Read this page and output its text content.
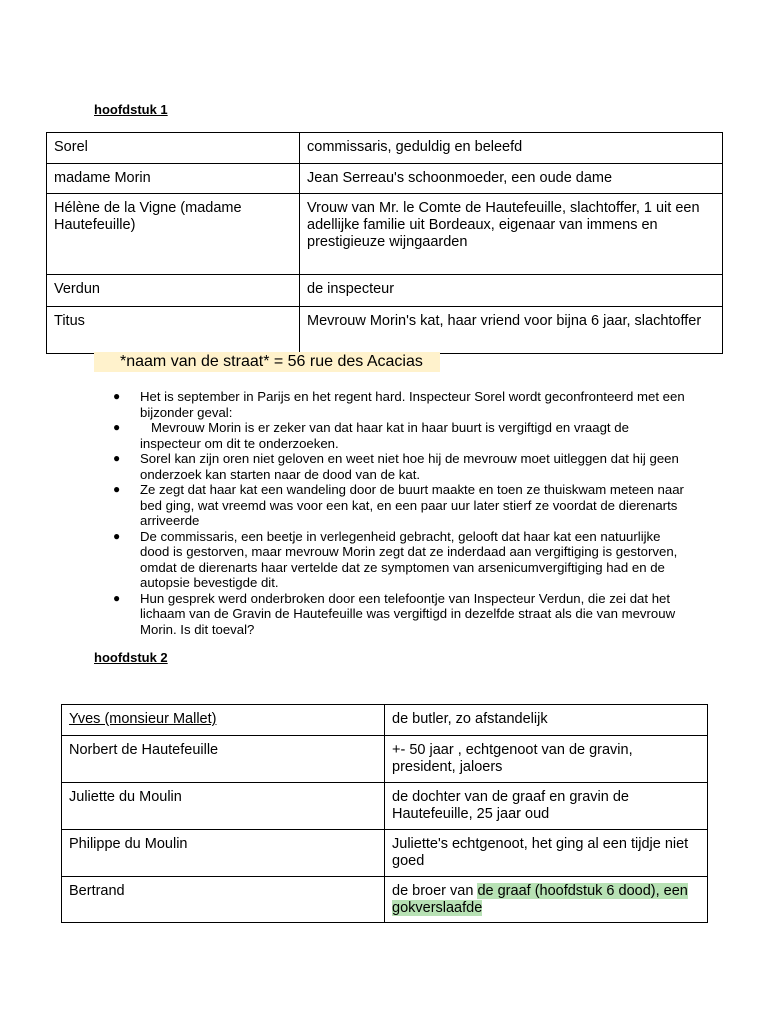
hoofdstuk 1
Sorel	commissaris, geduldig en beleefd
madame Morin	Jean Serreau's schoonmoeder, een oude dame
Hélène de la Vigne (madame Hautefeuille)	Vrouw van Mr. le Comte de Hautefeuille, slachtoffer, 1 uit een adellijke familie uit Bordeaux, eigenaar van immens en prestigieuze wijngaarden
Verdun	de inspecteur
Titus	Mevrouw Morin's kat, haar vriend voor bijna 6 jaar, slachtoffer
*naam van de straat* = 56 rue des Acacias
● Het is september in Parijs en het regent hard. Inspecteur Sorel wordt geconfronteerd met een bijzonder geval:
● Mevrouw Morin is er zeker van dat haar kat in haar buurt is vergiftigd en vraagt de inspecteur om dit te onderzoeken.
● Sorel kan zijn oren niet geloven en weet niet hoe hij de mevrouw moet uitleggen dat hij geen onderzoek kan starten naar de dood van de kat.
● Ze zegt dat haar kat een wandeling door de buurt maakte en toen ze thuiskwam meteen naar bed ging, wat vreemd was voor een kat, en een paar uur later stierf ze voordat de dierenarts arriveerde
● De commissaris, een beetje in verlegenheid gebracht, gelooft dat haar kat een natuurlijke dood is gestorven, maar mevrouw Morin zegt dat ze inderdaad aan vergiftiging is gestorven, omdat de dierenarts haar vertelde dat ze symptomen van arsenicumvergiftiging had en de autopsie bevestigde dit.
● Hun gesprek werd onderbroken door een telefoontje van Inspecteur Verdun, die zei dat het lichaam van de Gravin de Hautefeuille was vergiftigd in dezelfde straat als die van mevrouw Morin. Is dit toeval?
hoofdstuk 2
Yves (monsieur Mallet)	de butler, zo afstandelijk
Norbert de Hautefeuille	+- 50 jaar , echtgenoot van de gravin, president, jaloers
Juliette du Moulin	de dochter van de graaf en gravin de Hautefeuille, 25 jaar oud
Philippe du Moulin	Juliette's echtgenoot, het ging al een tijdje niet goed
Bertrand	de broer van de graaf (hoofdstuk 6 dood), een gokverslaafde
